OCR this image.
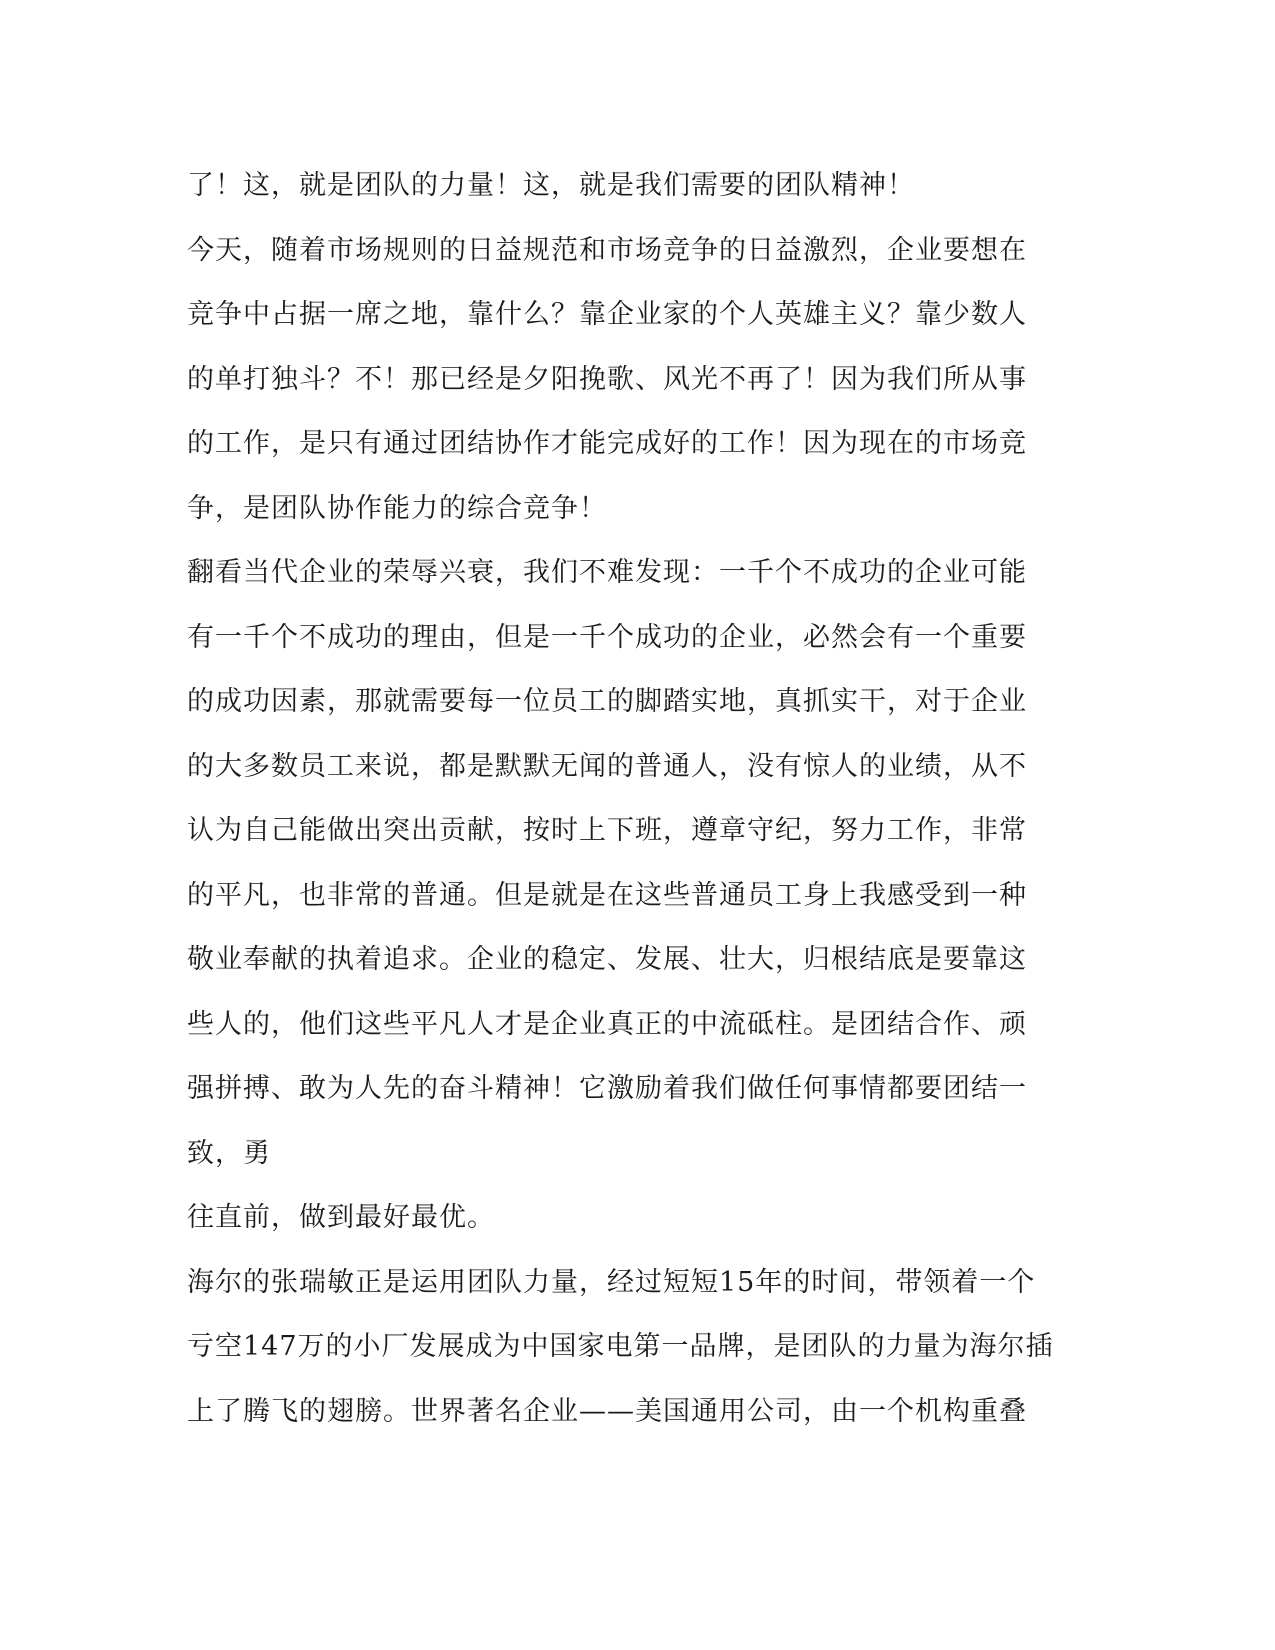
了！这，就是团队的力量！这，就是我们需要的团队精神！
今天，随着市场规则的日益规范和市场竞争的日益激烈，企业要想在
竞争中占据一席之地，靠什么？靠企业家的个人英雄主义？靠少数人
的单打独斗？不！那已经是夕阳挽歌、风光不再了！因为我们所从事
的工作，是只有通过团结协作才能完成好的工作！因为现在的市场竞
争，是团队协作能力的综合竞争！
翻看当代企业的荣辱兴衰，我们不难发现：一千个不成功的企业可能
有一千个不成功的理由，但是一千个成功的企业，必然会有一个重要
的成功因素，那就需要每一位员工的脚踏实地，真抓实干，对于企业
的大多数员工来说，都是默默无闻的普通人，没有惊人的业绩，从不
认为自己能做出突出贡献，按时上下班，遵章守纪，努力工作，非常
的平凡，也非常的普通。但是就是在这些普通员工身上我感受到一种
敬业奉献的执着追求。企业的稳定、发展、壮大，归根结底是要靠这
些人的，他们这些平凡人才是企业真正的中流砥柱。是团结合作、顽
强拼搏、敢为人先的奋斗精神！它激励着我们做任何事情都要团结一
致，勇
往直前，做到最好最优。
海尔的张瑞敏正是运用团队力量，经过短短15年的时间，带领着一个
亏空147万的小厂发展成为中国家电第一品牌，是团队的力量为海尔插
上了腾飞的翅膀。世界著名企业——美国通用公司，由一个机构重叠
